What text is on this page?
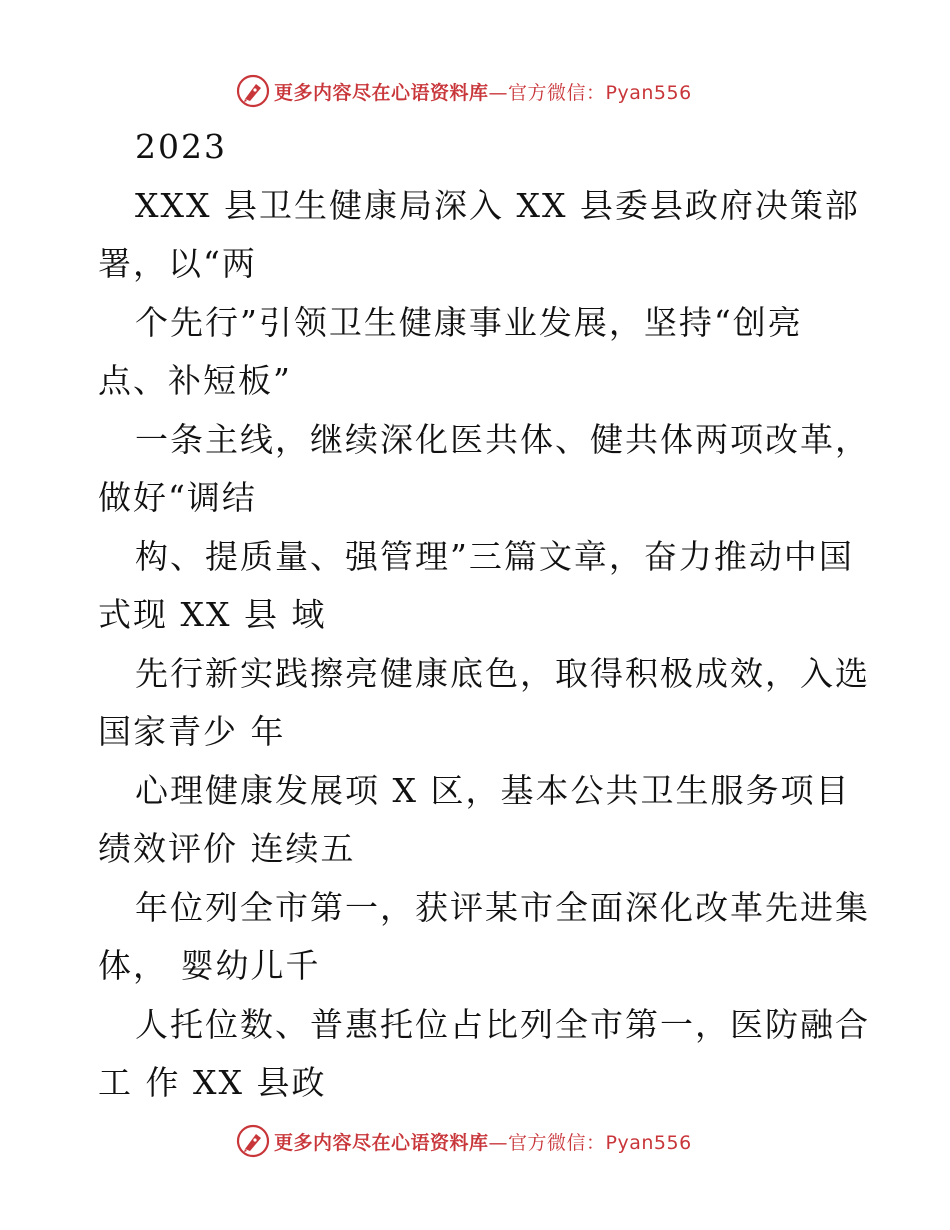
更多内容尽在心语资料库—官方微信：Pyan556
2023
XXX 县卫生健康局深入 XX 县委县政府决策部
署，以“两
个先行”引领卫生健康事业发展，坚持“创亮
点、补短板”
一条主线，继续深化医共体、健共体两项改革，
做好“调结
构、提质量、强管理”三篇文章，奋力推动中国
式现 XX 县 域
先行新实践擦亮健康底色，取得积极成效，入选
国家青少 年
心理健康发展项 X 区，基本公共卫生服务项目
绩效评价 连续五
年位列全市第一，获评某市全面深化改革先进集
体， 婴幼儿千
人托位数、普惠托位占比列全市第一，医防融合
工 作 XX 县政
更多内容尽在心语资料库—官方微信：Pyan556
